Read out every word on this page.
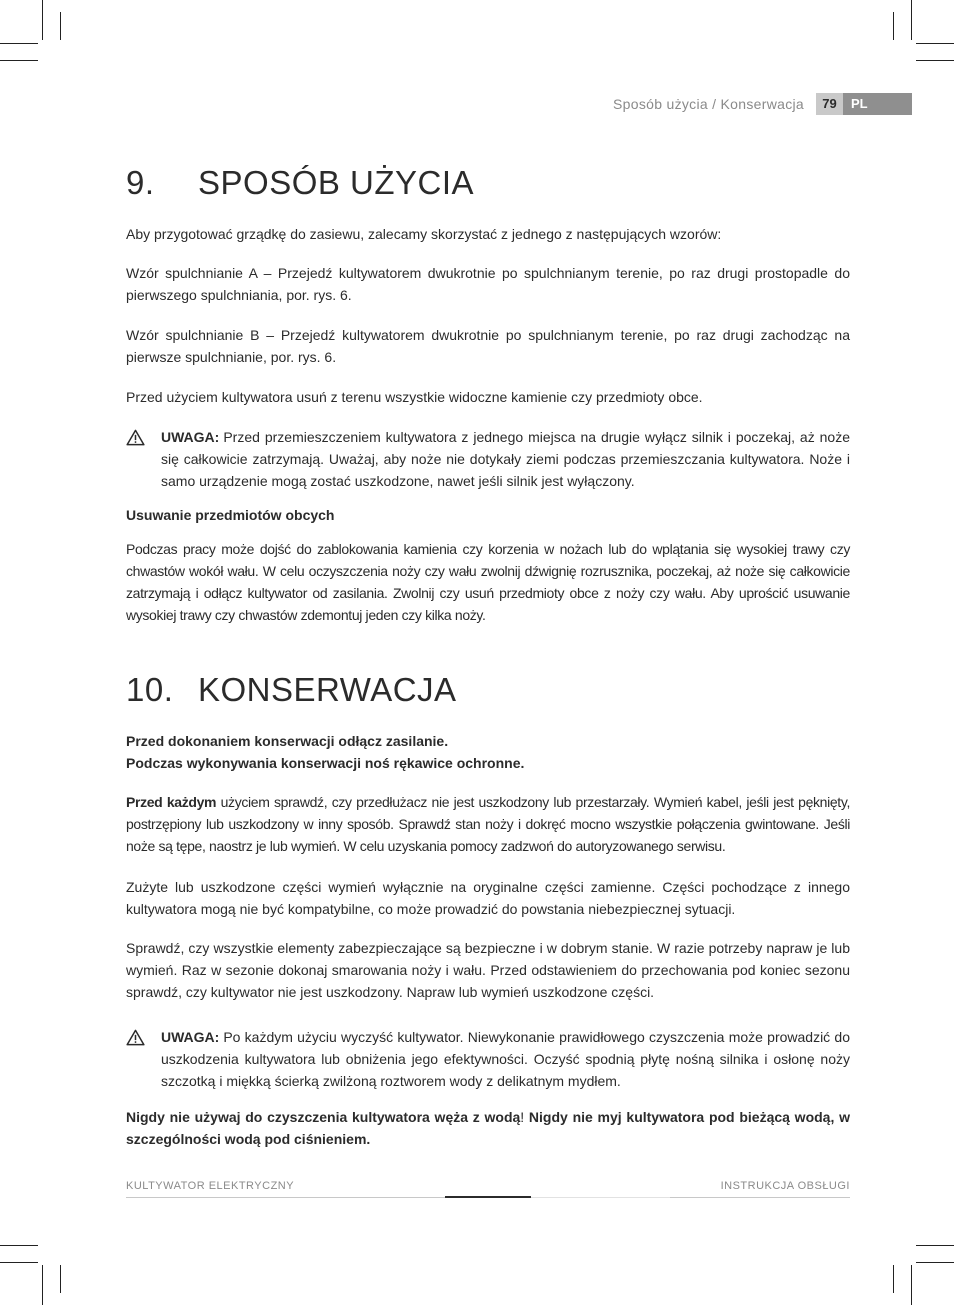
Sposób użycia / Konserwacja	79	PL
9. SPOSÓB UŻYCIA

Aby przygotować grządkę do zasiewu, zalecamy skorzystać z jednego z następujących wzorów:

Wzór spulchnianie A – Przejedź kultywatorem dwukrotnie po spulchnianym terenie, po raz drugi prostopadle do pierwszego spulchniania, por. rys. 6.

Wzór spulchnianie B – Przejedź kultywatorem dwukrotnie po spulchnianym terenie, po raz drugi zachodząc na pierwsze spulchnianie, por. rys. 6.

Przed użyciem kultywatora usuń z terenu wszystkie widoczne kamienie czy przedmioty obce.

UWAGA: Przed przemieszczeniem kultywatora z jednego miejsca na drugie wyłącz silnik i poczekaj, aż noże się całkowicie zatrzymają. Uważaj, aby noże nie dotykały ziemi podczas przemieszczania kultywatora. Noże i samo urządzenie mogą zostać uszkodzone, nawet jeśli silnik jest wyłączony.

Usuwanie przedmiotów obcych

Podczas pracy może dojść do zablokowania kamienia czy korzenia w nożach lub do wplątania się wysokiej trawy czy chwastów wokół wału. W celu oczyszczenia noży czy wału zwolnij dźwignię rozrusznika, poczekaj, aż noże się całkowicie zatrzymają i odłącz kultywator od zasilania. Zwolnij czy usuń przedmioty obce z noży czy wału. Aby uprościć usuwanie wysokiej trawy czy chwastów zdemontuj jeden czy kilka noży.

10. KONSERWACJA

Przed dokonaniem konserwacji odłącz zasilanie.

Podczas wykonywania konserwacji noś rękawice ochronne.

Przed każdym użyciem sprawdź, czy przedłużacz nie jest uszkodzony lub przestarzały. Wymień kabel, jeśli jest pęknięty, postrzępiony lub uszkodzony w inny sposób. Sprawdź stan noży i dokręć mocno wszystkie połączenia gwintowane. Jeśli noże są tępe, naostrz je lub wymień. W celu uzyskania pomocy zadzwoń do autoryzowanego serwisu.

Zużyte lub uszkodzone części wymień wyłącznie na oryginalne części zamienne. Części pochodzące z innego kultywatora mogą nie być kompatybilne, co może prowadzić do powstania niebezpiecznej sytuacji.

Sprawdź, czy wszystkie elementy zabezpieczające są bezpieczne i w dobrym stanie. W razie potrzeby napraw je lub wymień. Raz w sezonie dokonaj smarowania noży i wału. Przed odstawieniem do przechowania pod koniec sezonu sprawdź, czy kultywator nie jest uszkodzony. Napraw lub wymień uszkodzone części.

UWAGA: Po każdym użyciu wyczyść kultywator. Niewykonanie prawidłowego czyszczenia może prowadzić do uszkodzenia kultywatora lub obniżenia jego efektywności. Oczyść spodnią płytę nośną silnika i osłonę noży szczotką i miękką ścierką zwilżoną roztworem wody z delikatnym mydłem.

Nigdy nie używaj do czyszczenia kultywatora węża z wodą! Nigdy nie myj kultywatora pod bieżącą wodą, w szczególności wodą pod ciśnieniem.

KULTYWATOR ELEKTRYCZNY	INSTRUKCJA OBSŁUGI
